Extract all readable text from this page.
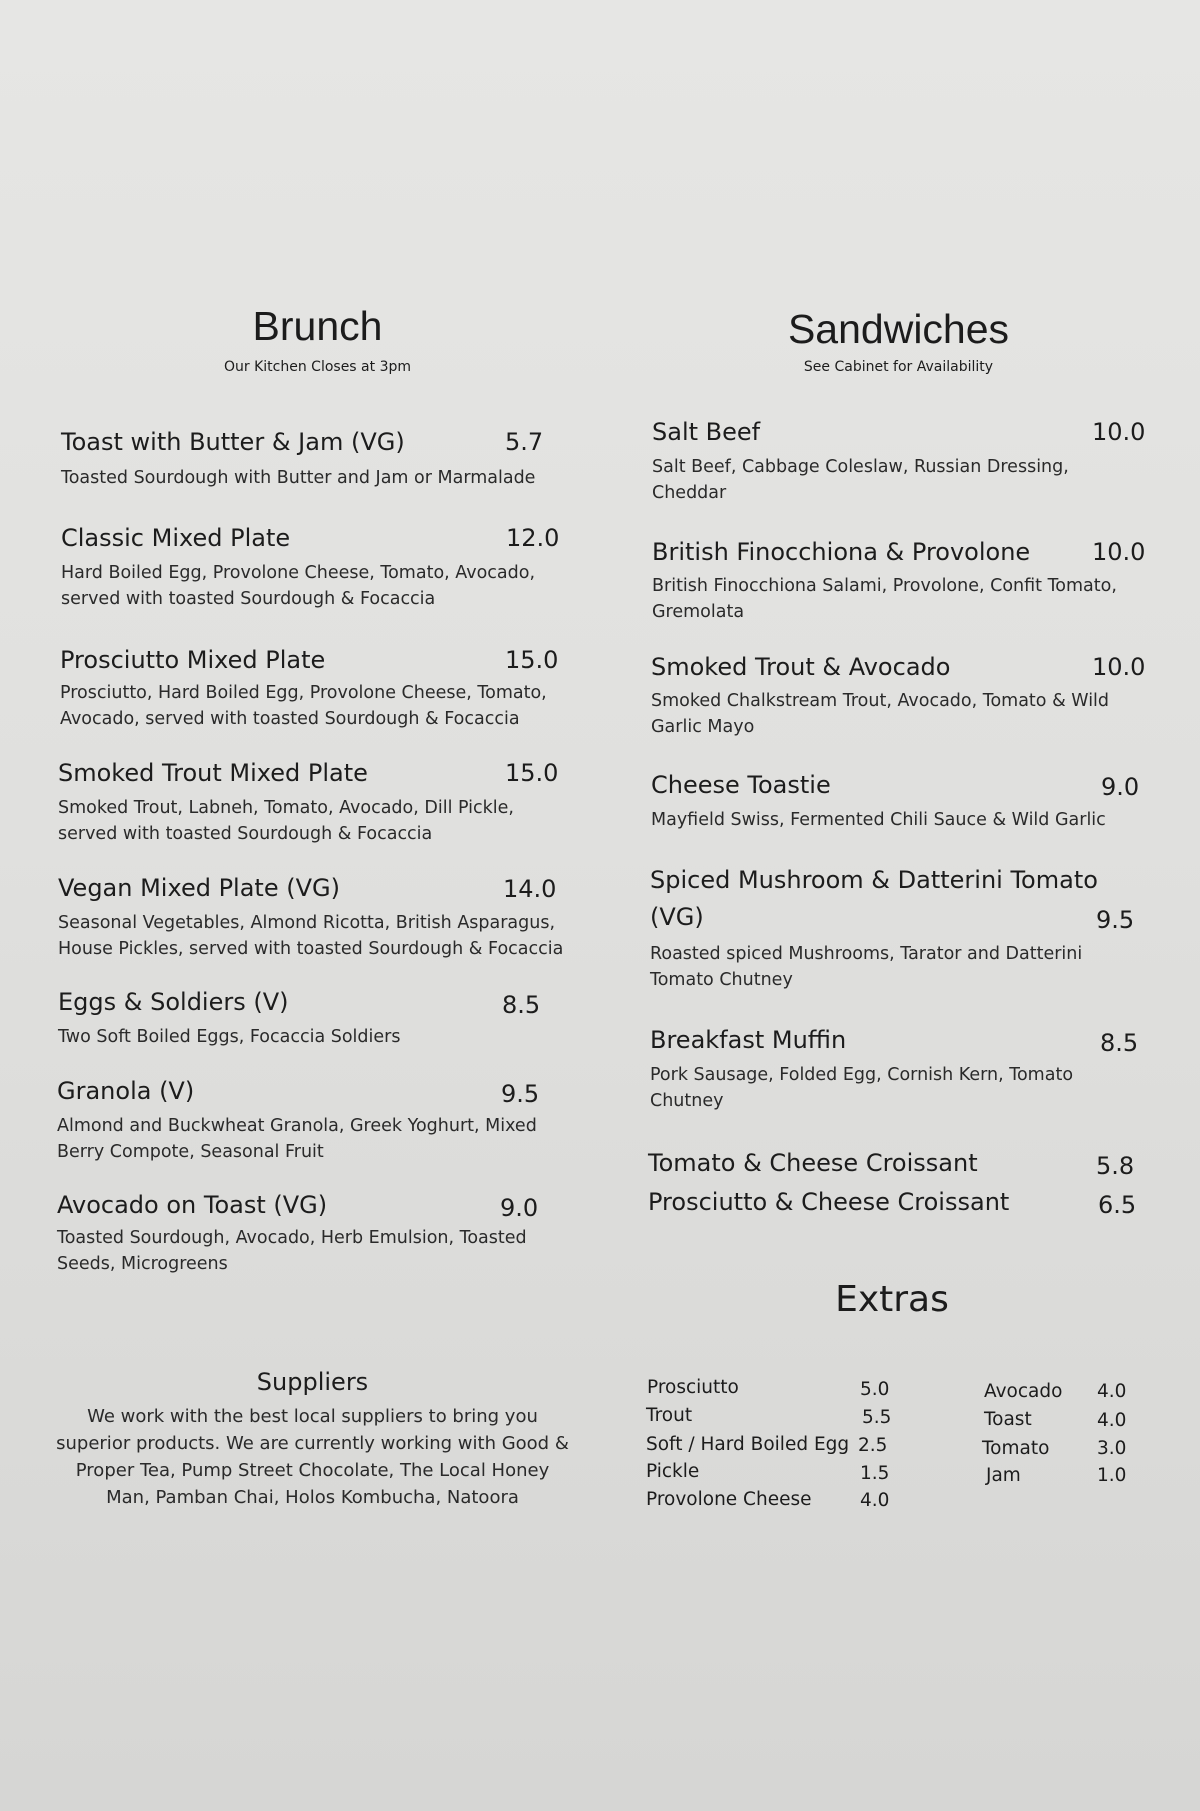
Brunch
Our Kitchen Closes at 3pm
Toast with Butter & Jam (VG)	5.7
Toasted Sourdough with Butter and Jam or Marmalade
Classic Mixed Plate	12.0
Hard Boiled Egg, Provolone Cheese, Tomato, Avocado, served with toasted Sourdough & Focaccia
Prosciutto Mixed Plate	15.0
Prosciutto, Hard Boiled Egg, Provolone Cheese, Tomato, Avocado, served with toasted Sourdough & Focaccia
Smoked Trout Mixed Plate	15.0
Smoked Trout, Labneh, Tomato, Avocado, Dill Pickle, served with toasted Sourdough & Focaccia
Vegan Mixed Plate (VG)	14.0
Seasonal Vegetables, Almond Ricotta, British Asparagus, House Pickles, served with toasted Sourdough & Focaccia
Eggs & Soldiers (V)	8.5
Two Soft Boiled Eggs, Focaccia Soldiers
Granola (V)	9.5
Almond and Buckwheat Granola, Greek Yoghurt, Mixed Berry Compote, Seasonal Fruit
Avocado on Toast (VG)	9.0
Toasted Sourdough, Avocado, Herb Emulsion, Toasted Seeds, Microgreens
Sandwiches
See Cabinet for Availability
Salt Beef	10.0
Salt Beef, Cabbage Coleslaw, Russian Dressing, Cheddar
British Finocchiona & Provolone	10.0
British Finocchiona Salami, Provolone, Confit Tomato, Gremolata
Smoked Trout & Avocado	10.0
Smoked Chalkstream Trout, Avocado, Tomato & Wild Garlic Mayo
Cheese Toastie	9.0
Mayfield Swiss, Fermented Chili Sauce & Wild Garlic
Spiced Mushroom & Datterini Tomato
(VG)	9.5
Roasted spiced Mushrooms, Tarator and Datterini Tomato Chutney
Breakfast Muffin	8.5
Pork Sausage, Folded Egg, Cornish Kern, Tomato Chutney
Tomato & Cheese Croissant	5.8
Prosciutto & Cheese Croissant	6.5
Extras
Prosciutto	5.0
Trout	5.5
Soft / Hard Boiled Egg 2.5
Pickle	1.5
Provolone Cheese	4.0
Avocado 4.0
Toast	4.0
Tomato	3.0
Jam	1.0
Suppliers
We work with the best local suppliers to bring you superior products. We are currently working with Good & Proper Tea, Pump Street Chocolate, The Local Honey Man, Pamban Chai, Holos Kombucha, Natoora
